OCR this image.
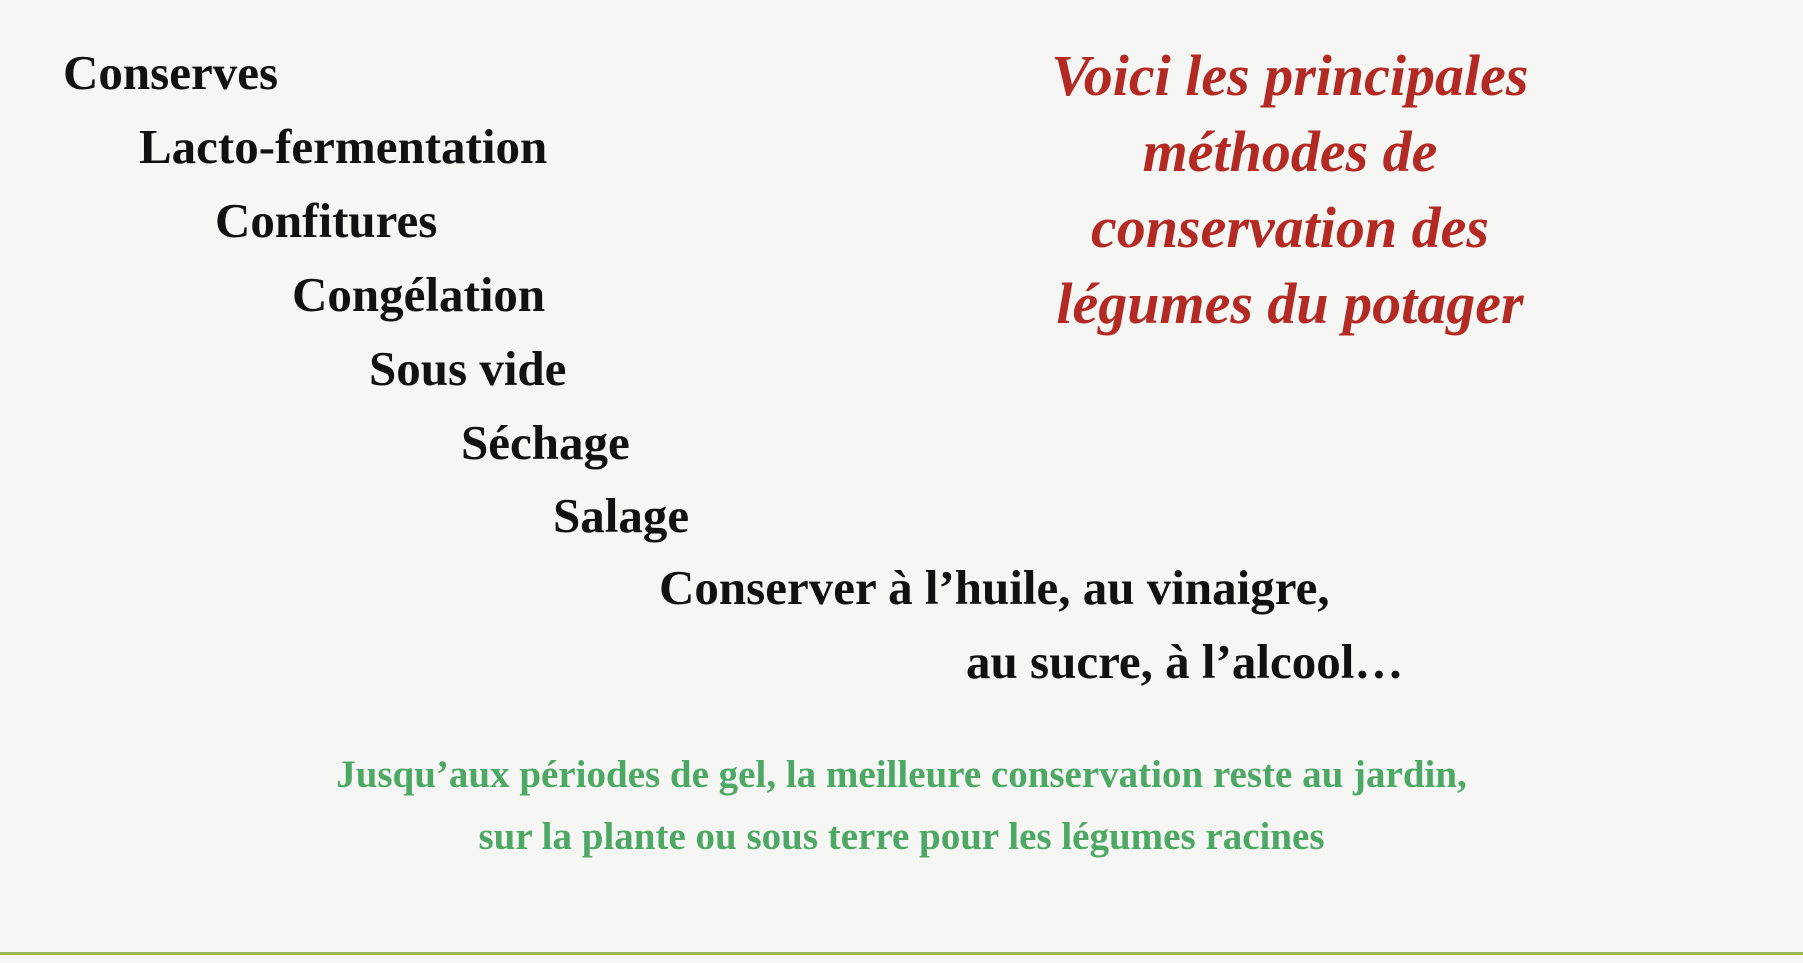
Conserves
Lacto-fermentation
Confitures
Congélation
Sous vide
Séchage
Salage
Conserver à l’huile, au vinaigre,
au sucre, à l’alcool…
Voici les principales
méthodes de
conservation des
légumes du potager
Jusqu’aux périodes de gel, la meilleure conservation reste au jardin,
sur la plante ou sous terre pour les légumes racines
